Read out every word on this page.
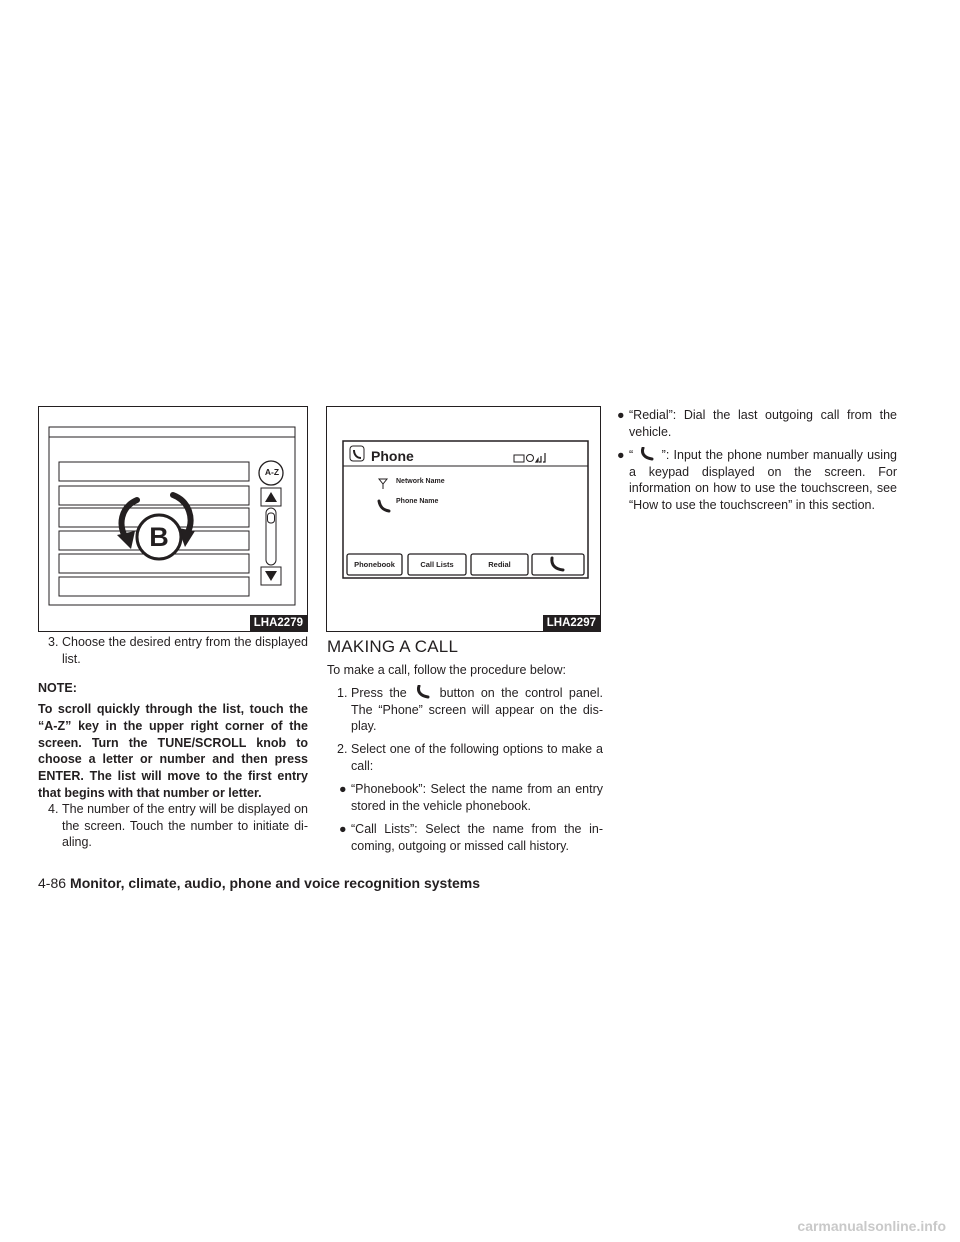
A-Z
B
LHA2279
3. Choose the desired entry from the displayed list.

NOTE:

To scroll quickly through the list, touch the “A-Z” key in the upper right corner of the screen. Turn the TUNE/SCROLL knob to choose a letter or number and then press ENTER. The list will move to the first entry that begins with that number or letter.

4. The number of the entry will be displayed on the screen. Touch the number to initiate di-aling.
Phone
Network Name
Phone Name
Phonebook	Call Lists	Redial
LHA2297
MAKING A CALL

To make a call, follow the procedure below:

1. Press the	button on the control panel. The “Phone” screen will appear on the dis-play.
2. Select one of the following options to make a call:
● “Phonebook”: Select the name from an entry stored in the vehicle phonebook.
● “Call Lists”: Select the name from the in-coming, outgoing or missed call history.
● “Redial”: Dial the last outgoing call from the vehicle.
● “ ”: Input the phone number manually using a keypad displayed on the screen. For information on how to use the touchscreen, see “How to use the touchscreen” in this section.
4-86 Monitor, climate, audio, phone and voice recognition systems
carmanualsonline.info
